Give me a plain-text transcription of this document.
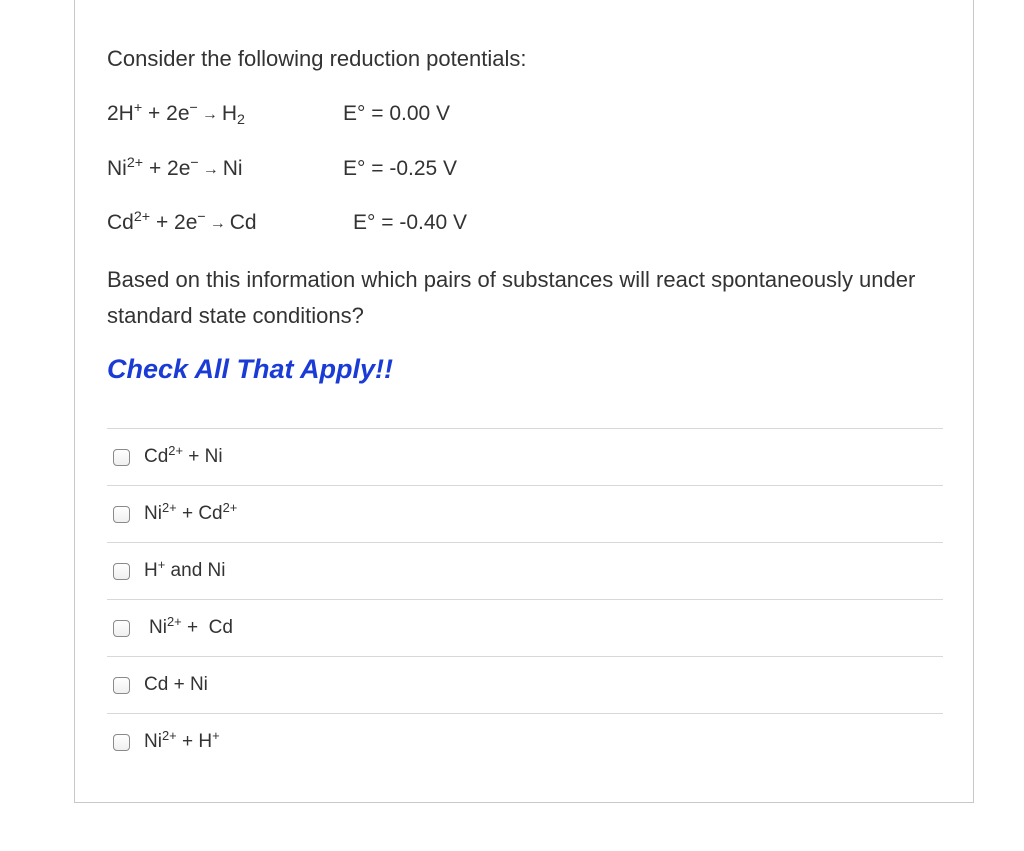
Consider the following reduction potentials:

$2H^+ + 2e^- \to H_2$	E° = 0.00 V
$Ni^{2+} + 2e^- \to Ni$	E° = -0.25 V
$Cd^{2+} + 2e^- \to Cd$	E° = -0.40 V

Based on this information which pairs of substances will react spontaneously under standard state conditions?

Check All That Apply!!

$Cd^{2+} + Ni$
$Ni^{2+} + Cd^{2+}$
H+ and Ni
$Ni^{2+} + Cd$
Cd + Ni
$Ni^{2+} + H^+$
